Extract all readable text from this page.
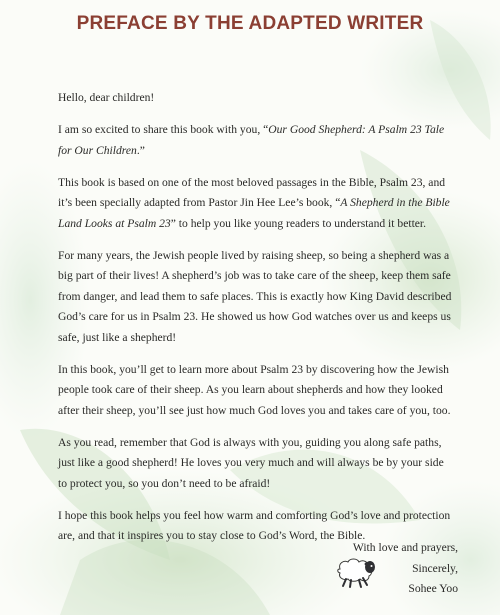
PREFACE BY THE ADAPTED WRITER

Hello, dear children!

I am so excited to share this book with you, “Our Good Shepherd: A Psalm 23 Tale for Our Children.”

This book is based on one of the most beloved passages in the Bible, Psalm 23, and it’s been specially adapted from Pastor Jin Hee Lee’s book, “A Shepherd in the Bible Land Looks at Psalm 23” to help you like young readers to understand it better.

For many years, the Jewish people lived by raising sheep, so being a shepherd was a big part of their lives! A shepherd’s job was to take care of the sheep, keep them safe from danger, and lead them to safe places. This is exactly how King David described God’s care for us in Psalm 23. He showed us how God watches over us and keeps us safe, just like a shepherd!

In this book, you’ll get to learn more about Psalm 23 by discovering how the Jewish people took care of their sheep. As you learn about shepherds and how they looked after their sheep, you’ll see just how much God loves you and takes care of you, too.

As you read, remember that God is always with you, guiding you along safe paths, just like a good shepherd! He loves you very much and will always be by your side to protect you, so you don’t need to be afraid!

I hope this book helps you feel how warm and comforting God’s love and protection are, and that it inspires you to stay close to God’s Word, the Bible.

With love and prayers,
Sincerely,
Sohee Yoo
